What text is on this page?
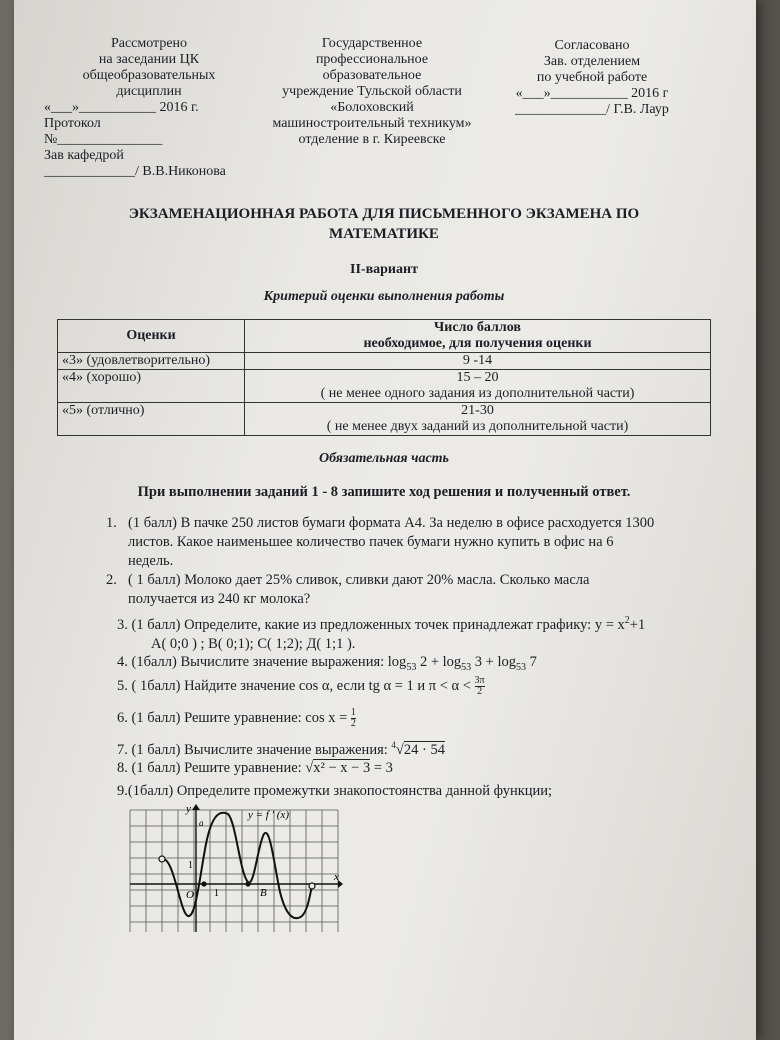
Рассмотрено
на заседании ЦК
общеобразовательных
дисциплин
«___»___________ 2016 г.
Протокол
№_______________
Зав кафедрой
_____________/ В.В.Никонова
Государственное
профессиональное
образовательное
учреждение Тульской области
«Болоховский
машиностроительный техникум»
отделение в г. Киреевске
Согласовано
Зав. отделением
по учебной работе
«___»___________ 2016 г
_____________/ Г.В. Лаур
ЭКЗАМЕНАЦИОННАЯ РАБОТА ДЛЯ ПИСЬМЕННОГО ЭКЗАМЕНА ПО
МАТЕМАТИКЕ
II-вариант
Критерий оценки выполнения работы
Оценки	Число баллов
необходимое, для получения оценки

«3» (удовлетворительно)	9 -14
«4» (хорошо)	15 – 20
( не менее одного задания из дополнительной части)

«5» (отлично)	21-30
( не менее двух заданий из дополнительной части)
Обязательная часть
При выполнении заданий 1 - 8 запишите ход решения и полученный ответ.
1. (1 балл) В пачке 250 листов бумаги формата А4. За неделю в офисе расходуется 1300
листов. Какое наименьшее количество пачек бумаги нужно купить в офис на 6
недель.
2. ( 1 балл) Молоко дает 25% сливок, сливки дают 20% масла. Сколько масла
получается из 240 кг молока?
3. (1 балл) Определите, какие из предложенных точек принадлежат графику: $y = x^2+1$
А( 0;0 ) ; В( 0;1); С( 1;2); Д( 1;1 ).
4. (1балл) Вычислите значение выражения: $\log_{53} 2 + \log_{53} 3 + \log_{53} 7$
5. ( 1балл) Найдите значение cos α, если tg α = 1 и $\pi < \alpha < \frac{3\pi}{2}$
6. (1 балл) Решите уравнение: $\cos x = \frac{1}{2}$
7. (1 балл) Вычислите значение выражения: $^4$√24 · 54
8. (1 балл) Решите уравнение: √x² − x − 3 = 3
9.(1балл) Определите промежутки знакопостоянства данной функции;
y
x
y = f ′ (x)
O 1
1
B
a
